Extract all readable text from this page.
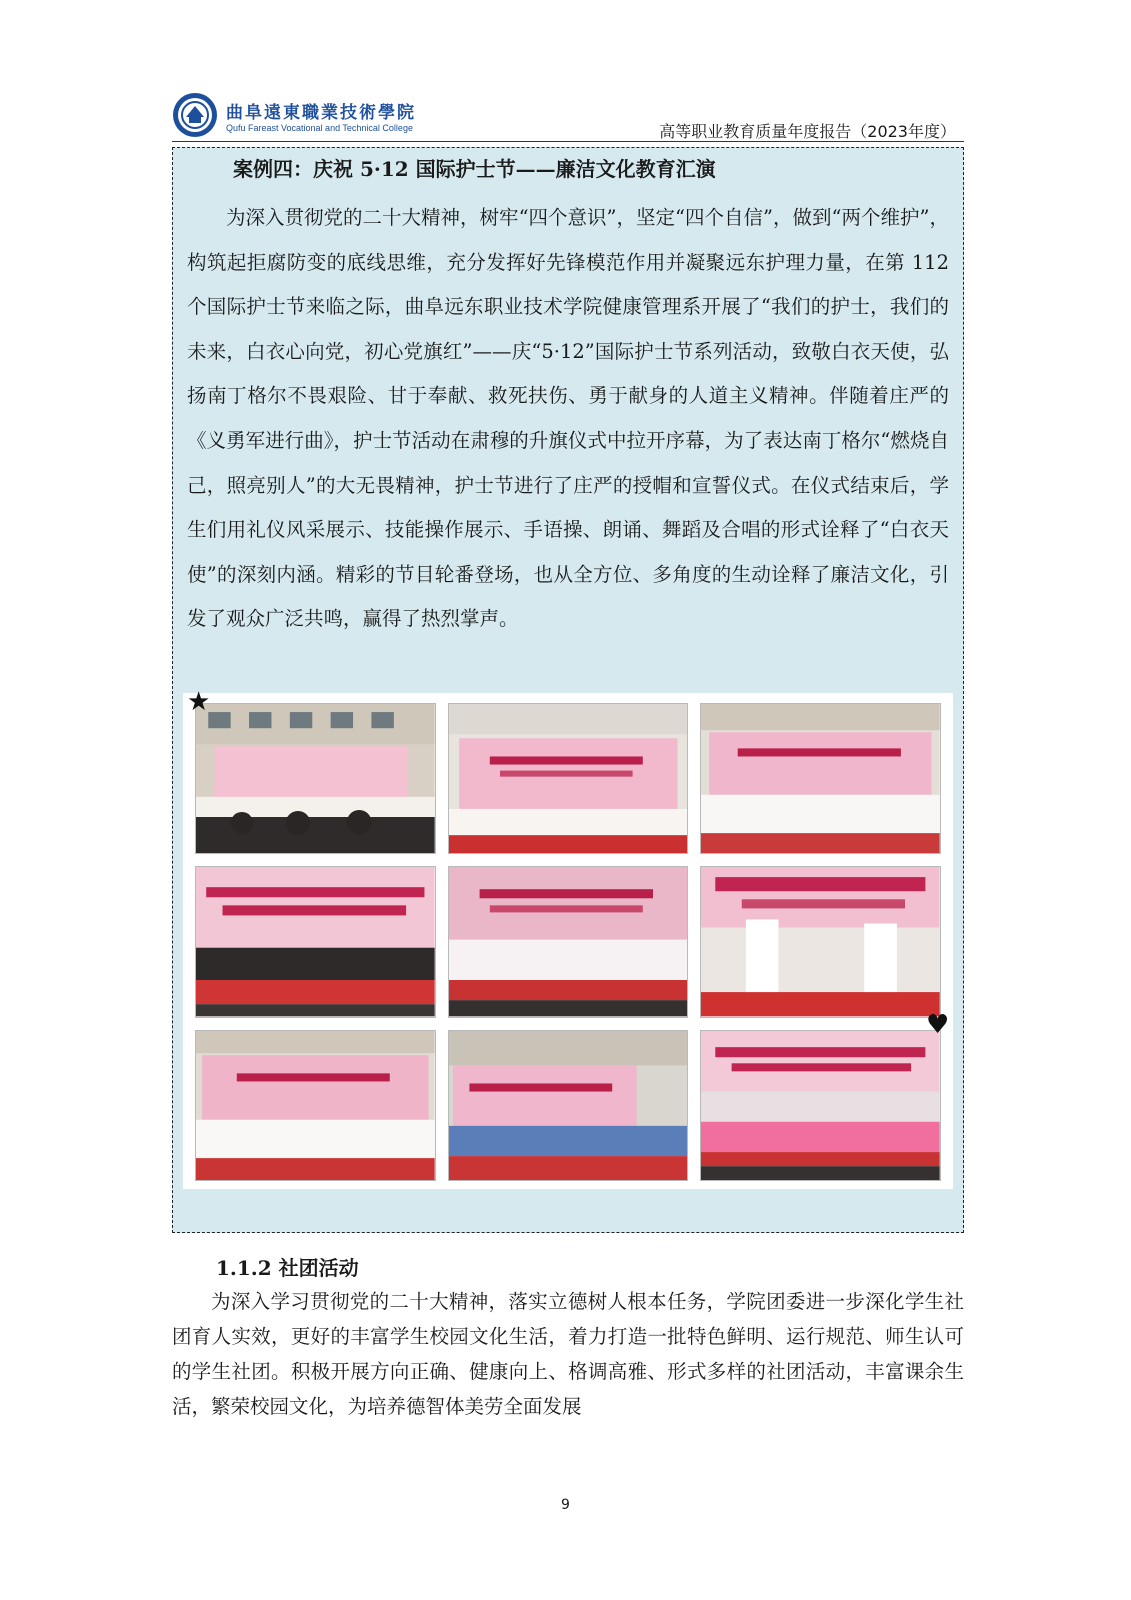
曲阜遠東職業技術學院
Qufu Fareast Vocational and Technical College	高等职业教育质量年度报告（2023年度）
案例四：庆祝 5·12 国际护士节——廉洁文化教育汇演

为深入贯彻党的二十大精神，树牢“四个意识”，坚定“四个自信”，做到“两个维护”，构筑起拒腐防变的底线思维，充分发挥好先锋模范作用并凝聚远东护理力量，在第 112 个国际护士节来临之际，曲阜远东职业技术学院健康管理系开展了“我们的护士，我们的未来，白衣心向党，初心党旗红”——庆“5·12”国际护士节系列活动，致敬白衣天使，弘扬南丁格尔不畏艰险、甘于奉献、救死扶伤、勇于献身的人道主义精神。伴随着庄严的《义勇军进行曲》，护士节活动在肃穆的升旗仪式中拉开序幕，为了表达南丁格尔“燃烧自己，照亮别人”的大无畏精神，护士节进行了庄严的授帽和宣誓仪式。在仪式结束后，学生们用礼仪风采展示、技能操作展示、手语操、朗诵、舞蹈及合唱的形式诠释了“白衣天使”的深刻内涵。精彩的节目轮番登场，也从全方位、多角度的生动诠释了廉洁文化，引发了观众广泛共鸣，赢得了热烈掌声。

★
♥
1.1.2 社团活动

为深入学习贯彻党的二十大精神，落实立德树人根本任务，学院团委进一步深化学生社团育人实效，更好的丰富学生校园文化生活，着力打造一批特色鲜明、运行规范、师生认可的学生社团。积极开展方向正确、健康向上、格调高雅、形式多样的社团活动，丰富课余生活，繁荣校园文化，为培养德智体美劳全面发展

9
